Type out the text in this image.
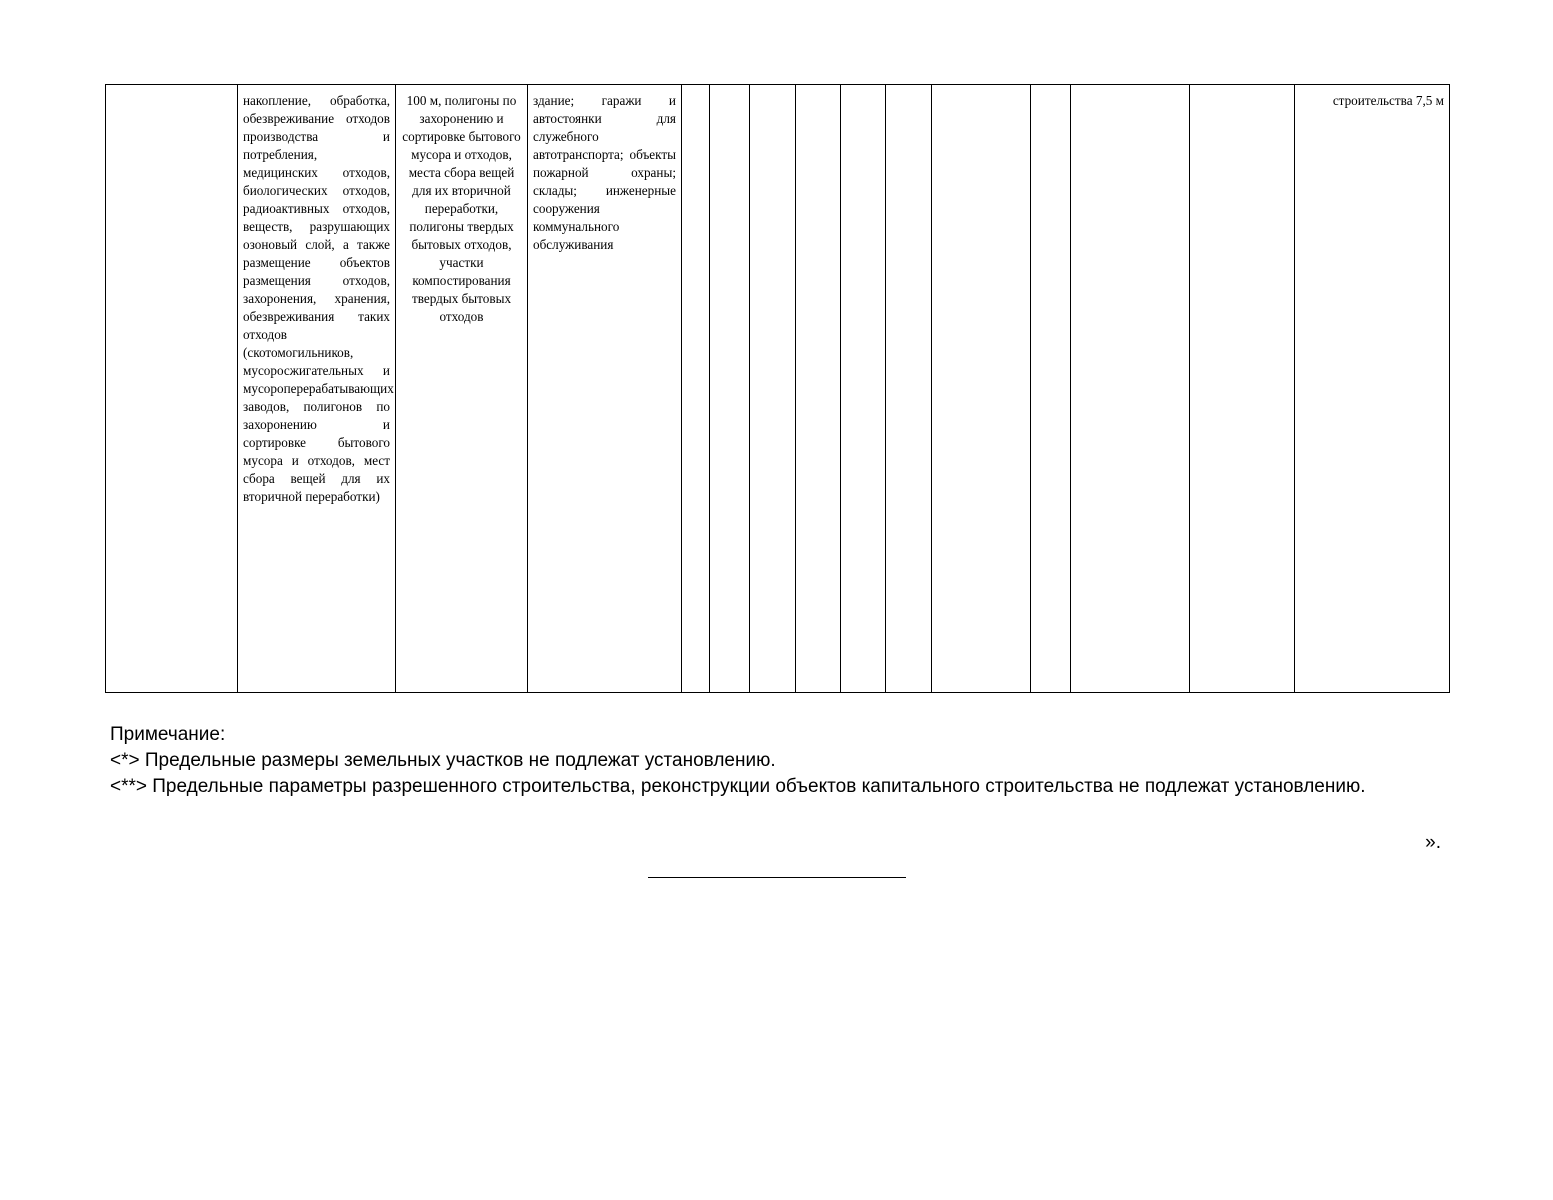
	накопление, обработка, обезвреживание отходов производства и потребления, медицинских отходов, биологических отходов, радиоактивных отходов, веществ, разрушающих озоновый слой, а также размещение объектов размещения отходов, захоронения, хранения, обезвреживания таких отходов (скотомогильников, мусоросжигательных и мусороперерабатывающих заводов, полигонов по захоронению и сортировке бытового мусора и отходов, мест сбора вещей для их вторичной переработки)	100 м, полигоны по захоронению и сортировке бытового мусора и отходов, места сбора вещей для их вторичной переработки, полигоны твердых бытовых отходов, участки компостирования твердых бытовых отходов	здание; гаражи и автостоянки для служебного автотранспорта; объекты пожарной охраны; склады; инженерные сооружения коммунального обслуживания											строительства 7,5 м

Примечание:

<*> Предельные размеры земельных участков не подлежат установлению.

<**> Предельные параметры разрешенного строительства, реконструкции объектов капитального строительства не подлежат установлению.

».
